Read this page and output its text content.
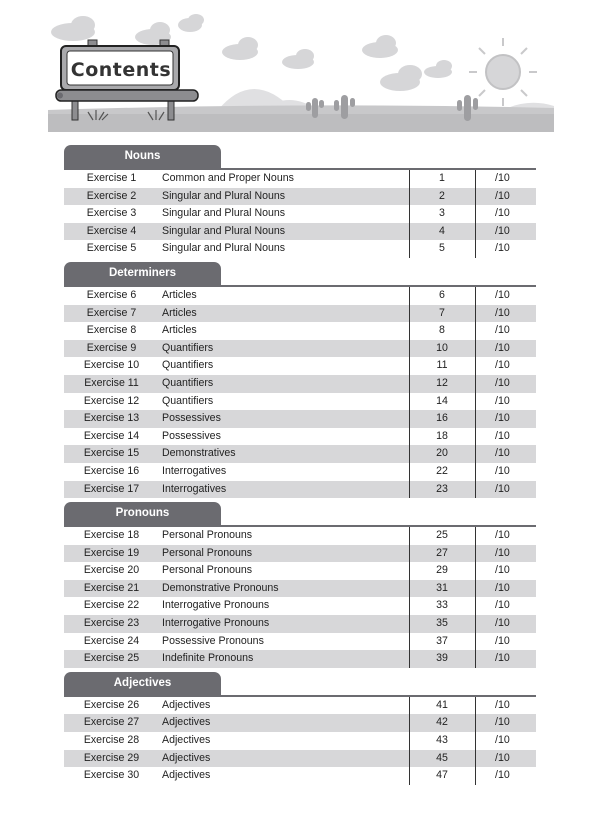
Contents
Nouns
Exercise 1	Common and Proper Nouns	1	/10
Exercise 2	Singular and Plural Nouns	2	/10
Exercise 3	Singular and Plural Nouns	3	/10
Exercise 4	Singular and Plural Nouns	4	/10
Exercise 5	Singular and Plural Nouns	5	/10
Determiners
Exercise 6	Articles	6	/10
Exercise 7	Articles	7	/10
Exercise 8	Articles	8	/10
Exercise 9	Quantifiers	10	/10
Exercise 10	Quantifiers	11	/10
Exercise 11	Quantifiers	12	/10
Exercise 12	Quantifiers	14	/10
Exercise 13	Possessives	16	/10
Exercise 14	Possessives	18	/10
Exercise 15	Demonstratives	20	/10
Exercise 16	Interrogatives	22	/10
Exercise 17	Interrogatives	23	/10
Pronouns
Exercise 18	Personal Pronouns	25	/10
Exercise 19	Personal Pronouns	27	/10
Exercise 20	Personal Pronouns	29	/10
Exercise 21	Demonstrative Pronouns	31	/10
Exercise 22	Interrogative Pronouns	33	/10
Exercise 23	Interrogative Pronouns	35	/10
Exercise 24	Possessive Pronouns	37	/10
Exercise 25	Indefinite Pronouns	39	/10
Adjectives
Exercise 26	Adjectives	41	/10
Exercise 27	Adjectives	42	/10
Exercise 28	Adjectives	43	/10
Exercise 29	Adjectives	45	/10
Exercise 30	Adjectives	47	/10
